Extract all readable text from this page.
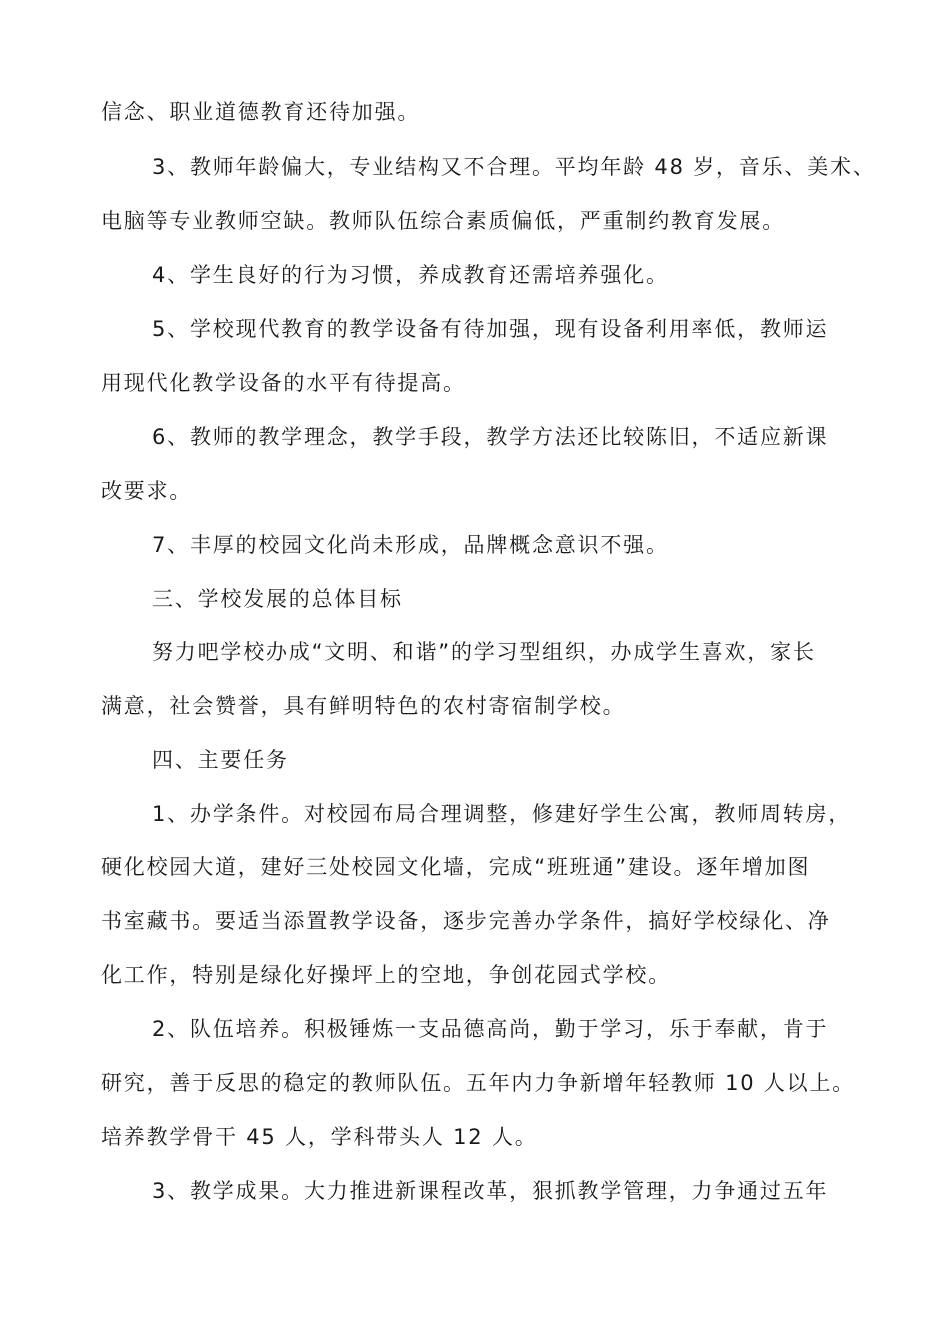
信念、职业道德教育还待加强。
3、教师年龄偏大，专业结构又不合理。平均年龄 48 岁，音乐、美术、
电脑等专业教师空缺。教师队伍综合素质偏低，严重制约教育发展。
4、学生良好的行为习惯，养成教育还需培养强化。
5、学校现代教育的教学设备有待加强，现有设备利用率低，教师运
用现代化教学设备的水平有待提高。
6、教师的教学理念，教学手段，教学方法还比较陈旧，不适应新课
改要求。
7、丰厚的校园文化尚未形成，品牌概念意识不强。
三、学校发展的总体目标
努力吧学校办成“文明、和谐”的学习型组织，办成学生喜欢，家长
满意，社会赞誉，具有鲜明特色的农村寄宿制学校。
四、主要任务
1、办学条件。对校园布局合理调整，修建好学生公寓，教师周转房，
硬化校园大道，建好三处校园文化墙，完成“班班通”建设。逐年增加图
书室藏书。要适当添置教学设备，逐步完善办学条件，搞好学校绿化、净
化工作，特别是绿化好操坪上的空地，争创花园式学校。
2、队伍培养。积极锤炼一支品德高尚，勤于学习，乐于奉献，肯于
研究，善于反思的稳定的教师队伍。五年内力争新增年轻教师 10 人以上。
培养教学骨干 45 人，学科带头人 12 人。
3、教学成果。大力推进新课程改革，狠抓教学管理，力争通过五年
